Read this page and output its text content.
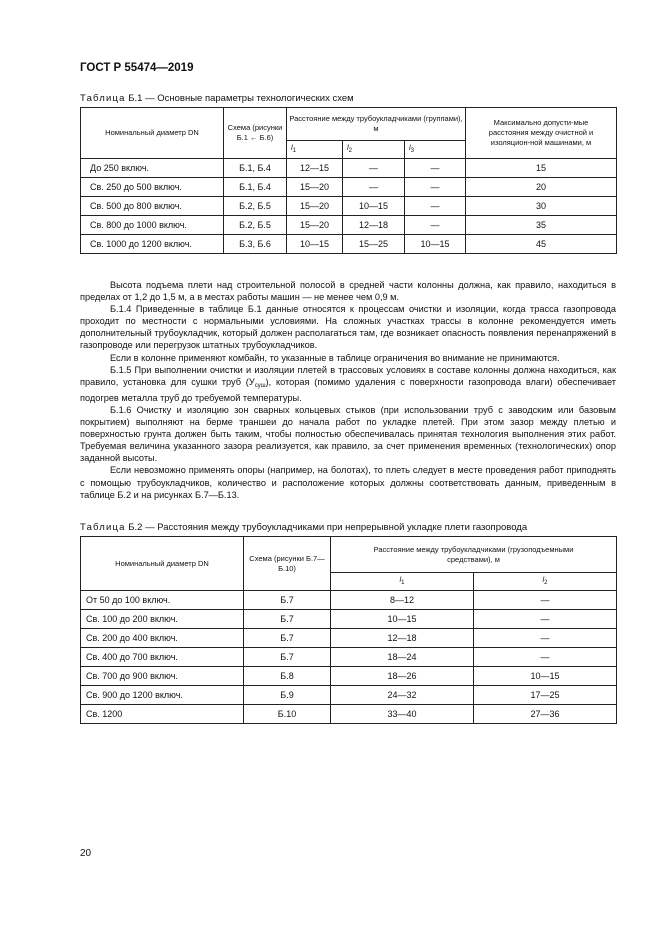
ГОСТ Р 55474—2019
Таблица Б.1 — Основные параметры технологических схем
Номинальный диаметр DN	Схема (рисунки Б.1 ← Б.6)	Расстояние между трубоукладчиками (группами), м			Максимально допусти-мые расстояния между очистной и изоляцион-ной машинами, м
		$l_1$	$l_2$	$l_3$
До 250 включ.	Б.1, Б.4	12—15	—	—	15
Св. 250 до 500 включ.	Б.1, Б.4	15—20	—	—	20
Св. 500 до 800 включ.	Б.2, Б.5	15—20	10—15	—	30
Св. 800 до 1000 включ.	Б.2, Б.5	15—20	12—18	—	35
Св. 1000 до 1200 включ.	Б.3, Б.6	10—15	15—25	10—15	45

Высота подъема плети над строительной полосой в средней части колонны должна, как правило, находиться в пределах от 1,2 до 1,5 м, а в местах работы машин — не менее чем 0,9 м.

Б.1.4 Приведенные в таблице Б.1 данные относятся к процессам очистки и изоляции, когда трасса газопровода проходит по местности с нормальными условиями. На сложных участках трассы в колонне рекомендуется иметь дополнительный трубоукладчик, который должен располагаться там, где возникает опасность появления перенапряжений в газопроводе или перегрузок штатных трубоукладчиков.

Если в колонне применяют комбайн, то указанные в таблице ограничения во внимание не принимаются.

Б.1.5 При выполнении очистки и изоляции плетей в трассовых условиях в составе колонны должна находиться, как правило, установка для сушки труб $(У_{суш})$, которая (помимо удаления с поверхности газопровода влаги) обеспечивает подогрев металла труб до требуемой температуры.

Б.1.6 Очистку и изоляцию зон сварных кольцевых стыков (при использовании труб с заводским или базовым покрытием) выполняют на берме траншеи до начала работ по укладке плетей. При этом зазор между плетью и поверхностью грунта должен быть таким, чтобы полностью обеспечивалась принятая технология выполнения этих работ. Требуемая величина указанного зазора реализуется, как правило, за счет применения временных (технологических) опор заданной высоты.

Если невозможно применять опоры (например, на болотах), то плеть следует в месте проведения работ приподнять с помощью трубоукладчиков, количество и расположение которых должны соответствовать данным, приведенным в таблице Б.2 и на рисунках Б.7—Б.13.

Таблица Б.2 — Расстояния между трубоукладчиками при непрерывной укладке плети газопровода
Номинальный диаметр DN	Схема (рисунки Б.7—Б.10)	Расстояние между трубоукладчиками (грузоподъемными средствами), м	
		$l_1$	$l_2$
От 50 до 100 включ.	Б.7	8—12	—
Св. 100 до 200 включ.	Б.7	10—15	—
Св. 200 до 400 включ.	Б.7	12—18	—
Св. 400 до 700 включ.	Б.7	18—24	—
Св. 700 до 900 включ.	Б.8	18—26	10—15
Св. 900 до 1200 включ.	Б.9	24—32	17—25
Св. 1200	Б.10	33—40	27—36
20
